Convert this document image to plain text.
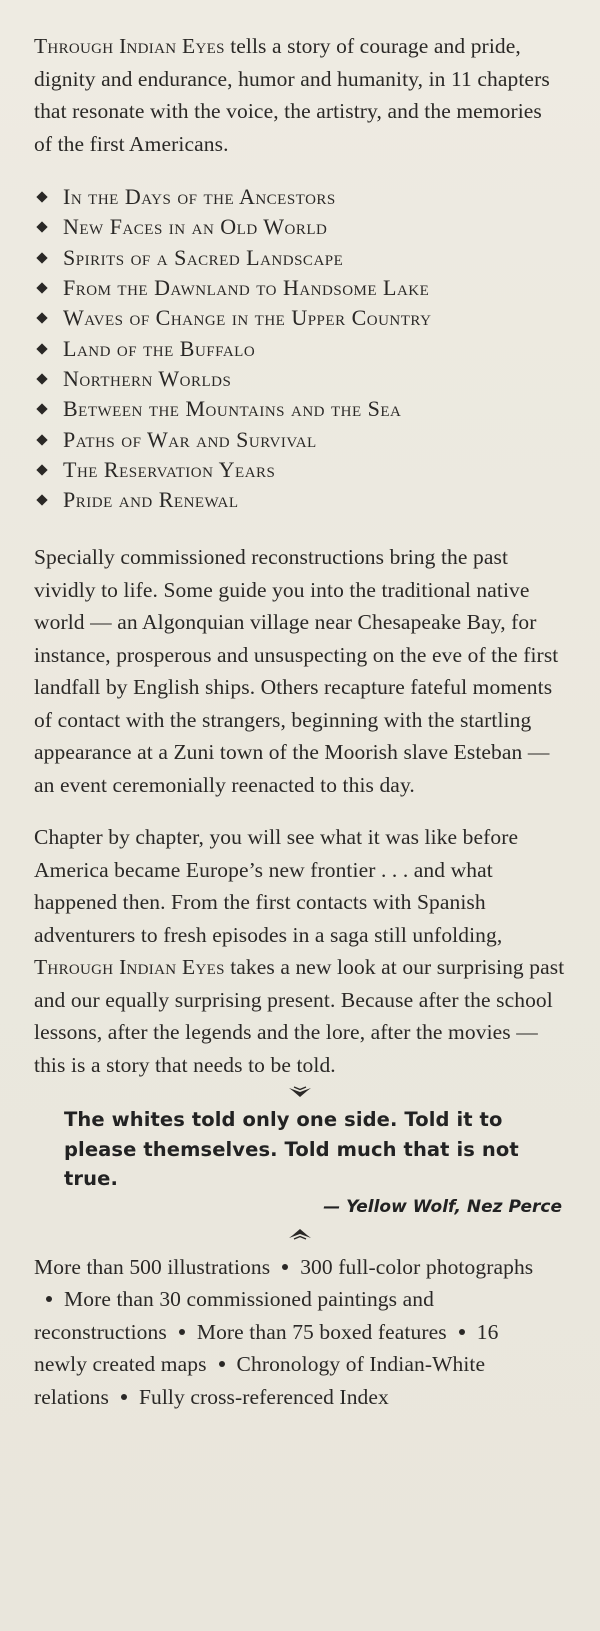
Through Indian Eyes tells a story of courage and pride, dignity and endurance, humor and humanity, in 11 chapters that resonate with the voice, the artistry, and the memories of the first Americans.

In the Days of the Ancestors
New Faces in an Old World
Spirits of a Sacred Landscape
From the Dawnland to Handsome Lake
Waves of Change in the Upper Country
Land of the Buffalo
Northern Worlds
Between the Mountains and the Sea
Paths of War and Survival
The Reservation Years
Pride and Renewal

Specially commissioned reconstructions bring the past vividly to life. Some guide you into the traditional native world — an Algonquian village near Chesapeake Bay, for instance, prosperous and unsuspecting on the eve of the first landfall by English ships. Others recapture fateful moments of contact with the strangers, beginning with the startling appearance at a Zuni town of the Moorish slave Esteban — an event ceremonially reenacted to this day.

Chapter by chapter, you will see what it was like before America became Europe’s new frontier . . . and what happened then. From the first contacts with Spanish adventurers to fresh episodes in a saga still unfolding, Through Indian Eyes takes a new look at our surprising past and our equally surprising present. Because after the school lessons, after the legends and the lore, after the movies — this is a story that needs to be told.

The whites told only one side. Told it to please themselves. Told much that is not true.

— Yellow Wolf, Nez Perce

More than 500 illustrations 300 full-color photographsMore than 30 commissioned paintings and reconstructions More than 75 boxed features 16 newly created maps Chronology of Indian-White relations Fully cross-referenced Index
